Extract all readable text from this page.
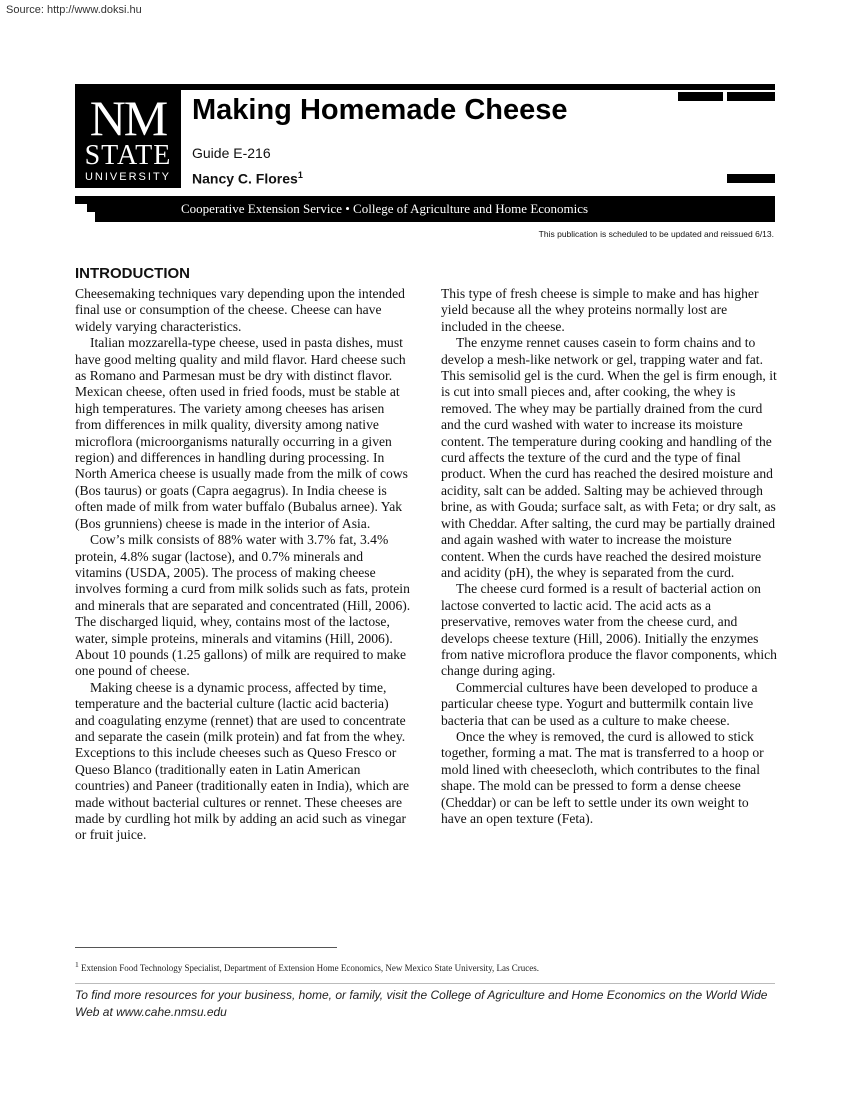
Source: http://www.doksi.hu
NM
STATE
UNIVERSITY
Making Homemade Cheese
Guide E-216
Nancy C. Flores$^1$
Cooperative Extension Service • College of Agriculture and Home Economics
This publication is scheduled to be updated and reissued 6/13.
INTRODUCTION

Cheesemaking techniques vary depending upon the intended final use or consumption of the cheese. Cheese can have widely varying characteristics.

Italian mozzarella-type cheese, used in pasta dishes, must have good melting quality and mild flavor. Hard cheese such as Romano and Parmesan must be dry with distinct flavor. Mexican cheese, often used in fried foods, must be stable at high temperatures. The variety among cheeses has arisen from differences in milk quality, diversity among native microflora (microorganisms naturally occurring in a given region) and differences in handling during processing. In North America cheese is usually made from the milk of cows (Bos taurus) or goats (Capra aegagrus). In India cheese is often made of milk from water buffalo (Bubalus arnee). Yak (Bos grunniens) cheese is made in the interior of Asia.

Cow’s milk consists of 88% water with 3.7% fat, 3.4% protein, 4.8% sugar (lactose), and 0.7% minerals and vitamins (USDA, 2005). The process of making cheese involves forming a curd from milk solids such as fats, protein and minerals that are separated and concentrated (Hill, 2006). The discharged liquid, whey, contains most of the lactose, water, simple proteins, minerals and vitamins (Hill, 2006). About 10 pounds (1.25 gallons) of milk are required to make one pound of cheese.

Making cheese is a dynamic process, affected by time, temperature and the bacterial culture (lactic acid bacteria) and coagulating enzyme (rennet) that are used to concentrate and separate the casein (milk protein) and fat from the whey. Exceptions to this include cheeses such as Queso Fresco or Queso Blanco (traditionally eaten in Latin American countries) and Paneer (traditionally eaten in India), which are made without bacterial cultures or rennet. These cheeses are made by curdling hot milk by adding an acid such as vinegar or fruit juice.

This type of fresh cheese is simple to make and has higher yield because all the whey proteins normally lost are included in the cheese.

The enzyme rennet causes casein to form chains and to develop a mesh-like network or gel, trapping water and fat. This semisolid gel is the curd. When the gel is firm enough, it is cut into small pieces and, after cooking, the whey is removed. The whey may be partially drained from the curd and the curd washed with water to increase its moisture content. The temperature during cooking and handling of the curd affects the texture of the curd and the type of final product. When the curd has reached the desired moisture and acidity, salt can be added. Salting may be achieved through brine, as with Gouda; surface salt, as with Feta; or dry salt, as with Cheddar. After salting, the curd may be partially drained and again washed with water to increase the moisture content. When the curds have reached the desired moisture and acidity (pH), the whey is separated from the curd.

The cheese curd formed is a result of bacterial action on lactose converted to lactic acid. The acid acts as a preservative, removes water from the cheese curd, and develops cheese texture (Hill, 2006). Initially the enzymes from native microflora produce the flavor components, which change during aging.

Commercial cultures have been developed to produce a particular cheese type. Yogurt and buttermilk contain live bacteria that can be used as a culture to make cheese.

Once the whey is removed, the curd is allowed to stick together, forming a mat. The mat is transferred to a hoop or mold lined with cheesecloth, which contributes to the final shape. The mold can be pressed to form a dense cheese (Cheddar) or can be left to settle under its own weight to have an open texture (Feta).

$^1$ Extension Food Technology Specialist, Department of Extension Home Economics, New Mexico State University, Las Cruces.
To find more resources for your business, home, or family, visit the College of Agriculture and Home Economics on the World Wide Web at www.cahe.nmsu.edu
